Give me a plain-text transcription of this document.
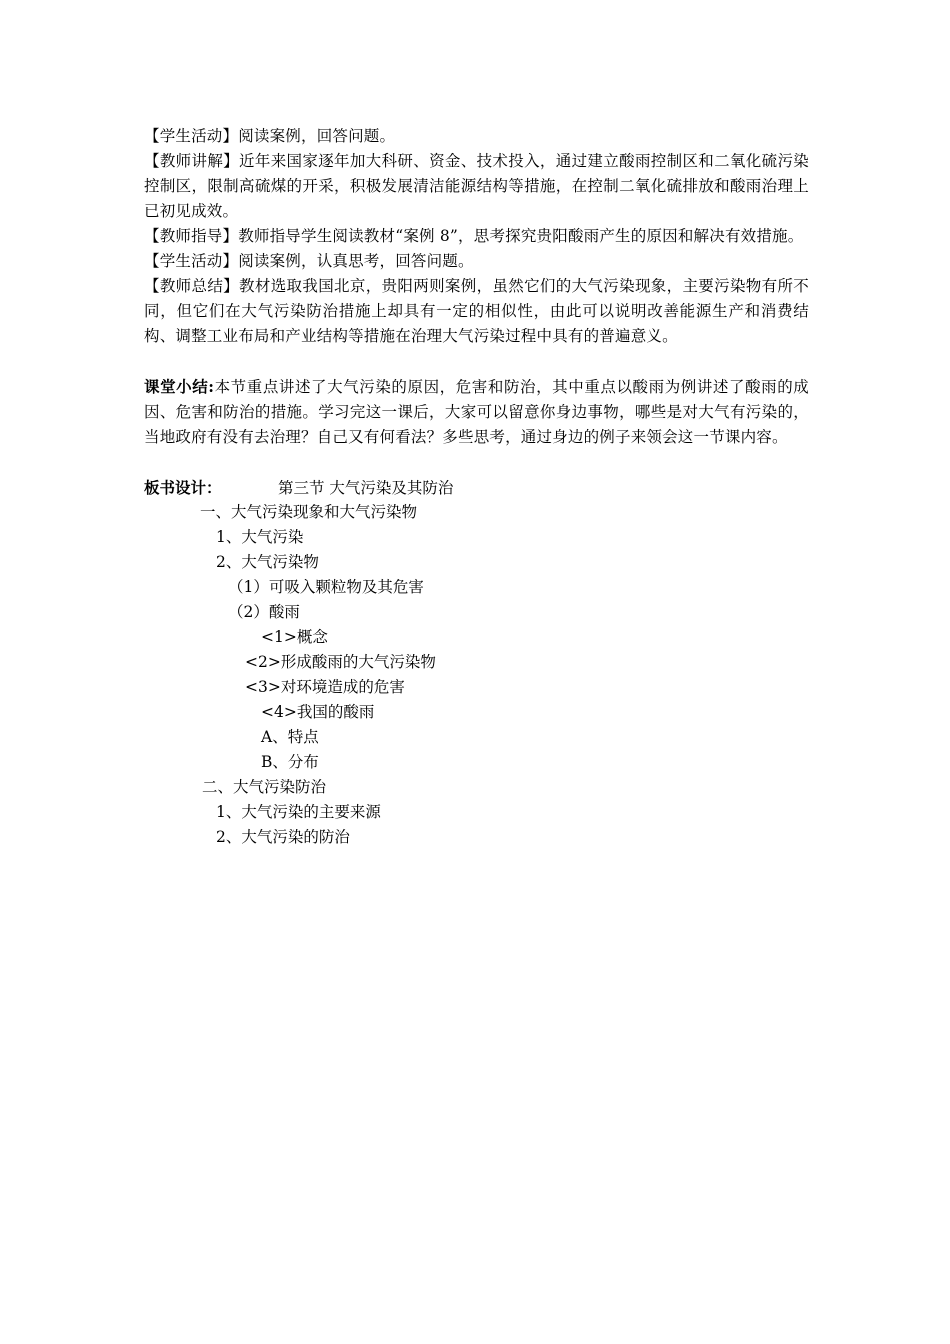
【学生活动】阅读案例，回答问题。

【教师讲解】近年来国家逐年加大科研、资金、技术投入，通过建立酸雨控制区和二氧化硫污染控制区，限制高硫煤的开采，积极发展清洁能源结构等措施，在控制二氧化硫排放和酸雨治理上已初见成效。

【教师指导】教师指导学生阅读教材“案例 8”，思考探究贵阳酸雨产生的原因和解决有效措施。

【学生活动】阅读案例，认真思考，回答问题。

【教师总结】教材选取我国北京，贵阳两则案例，虽然它们的大气污染现象，主要污染物有所不同，但它们在大气污染防治措施上却具有一定的相似性，由此可以说明改善能源生产和消费结构、调整工业布局和产业结构等措施在治理大气污染过程中具有的普遍意义。

课堂小结:本节重点讲述了大气污染的原因，危害和防治，其中重点以酸雨为例讲述了酸雨的成因、危害和防治的措施。学习完这一课后，大家可以留意你身边事物，哪些是对大气有污染的，当地政府有没有去治理？自己又有何看法？多些思考，通过身边的例子来领会这一节课内容。

板书设计：	第三节 大气污染及其防治
一、大气污染现象和大气污染物
1、大气污染
2、大气污染物
（1）可吸入颗粒物及其危害
（2）酸雨
<1>概念
<2>形成酸雨的大气污染物
<3>对环境造成的危害
<4>我国的酸雨
A、特点
B、分布
二、大气污染防治
1、大气污染的主要来源
2、大气污染的防治
